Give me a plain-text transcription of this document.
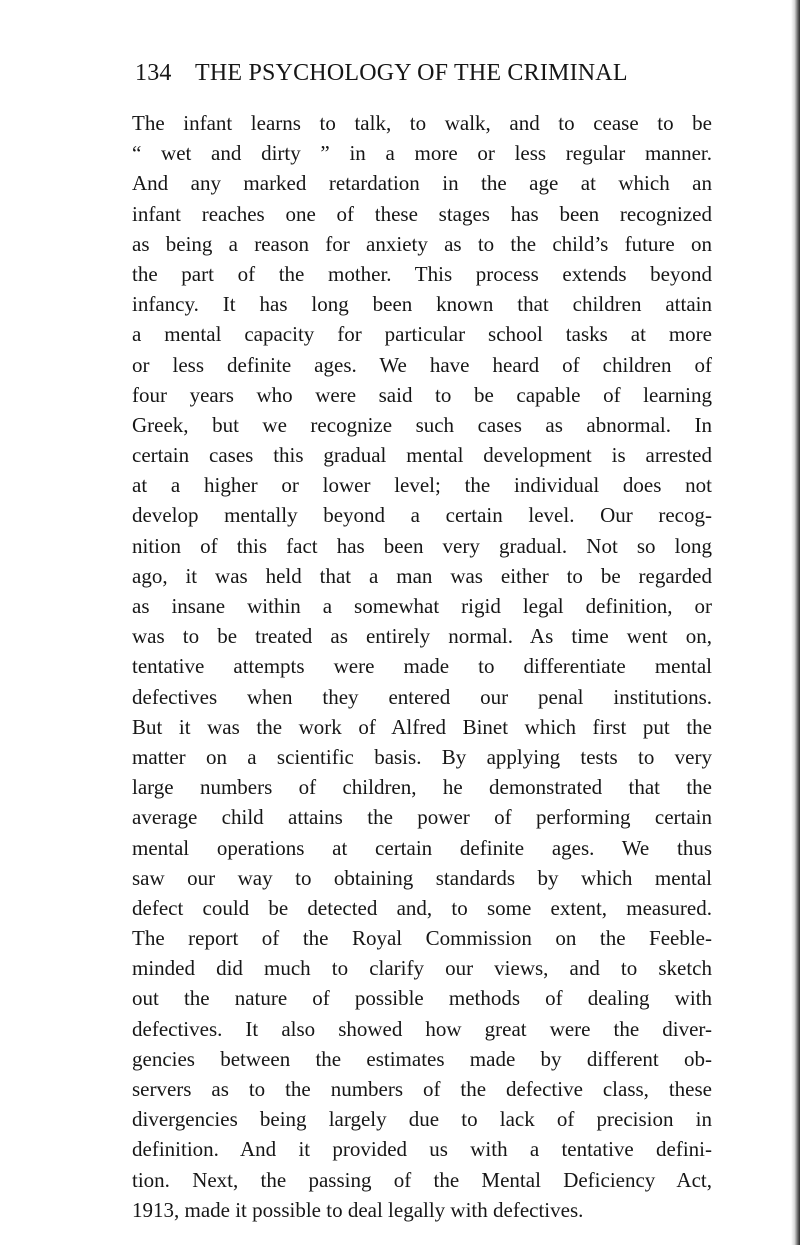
134 THE PSYCHOLOGY OF THE CRIMINAL
The infant learns to talk, to walk, and to cease to be
“ wet and dirty ” in a more or less regular manner.
And any marked retardation in the age at which an
infant reaches one of these stages has been recognized
as being a reason for anxiety as to the child’s future on
the part of the mother. This process extends beyond
infancy. It has long been known that children attain
a mental capacity for particular school tasks at more
or less definite ages. We have heard of children of
four years who were said to be capable of learning
Greek, but we recognize such cases as abnormal. In
certain cases this gradual mental development is arrested
at a higher or lower level; the individual does not
develop mentally beyond a certain level. Our recog-
nition of this fact has been very gradual. Not so long
ago, it was held that a man was either to be regarded
as insane within a somewhat rigid legal definition, or
was to be treated as entirely normal. As time went on,
tentative attempts were made to differentiate mental
defectives when they entered our penal institutions.
But it was the work of Alfred Binet which first put the
matter on a scientific basis. By applying tests to very
large numbers of children, he demonstrated that the
average child attains the power of performing certain
mental operations at certain definite ages. We thus
saw our way to obtaining standards by which mental
defect could be detected and, to some extent, measured.
The report of the Royal Commission on the Feeble-
minded did much to clarify our views, and to sketch
out the nature of possible methods of dealing with
defectives. It also showed how great were the diver-
gencies between the estimates made by different ob-
servers as to the numbers of the defective class, these
divergencies being largely due to lack of precision in
definition. And it provided us with a tentative defini-
tion. Next, the passing of the Mental Deficiency Act,
1913, made it possible to deal legally with defectives.
